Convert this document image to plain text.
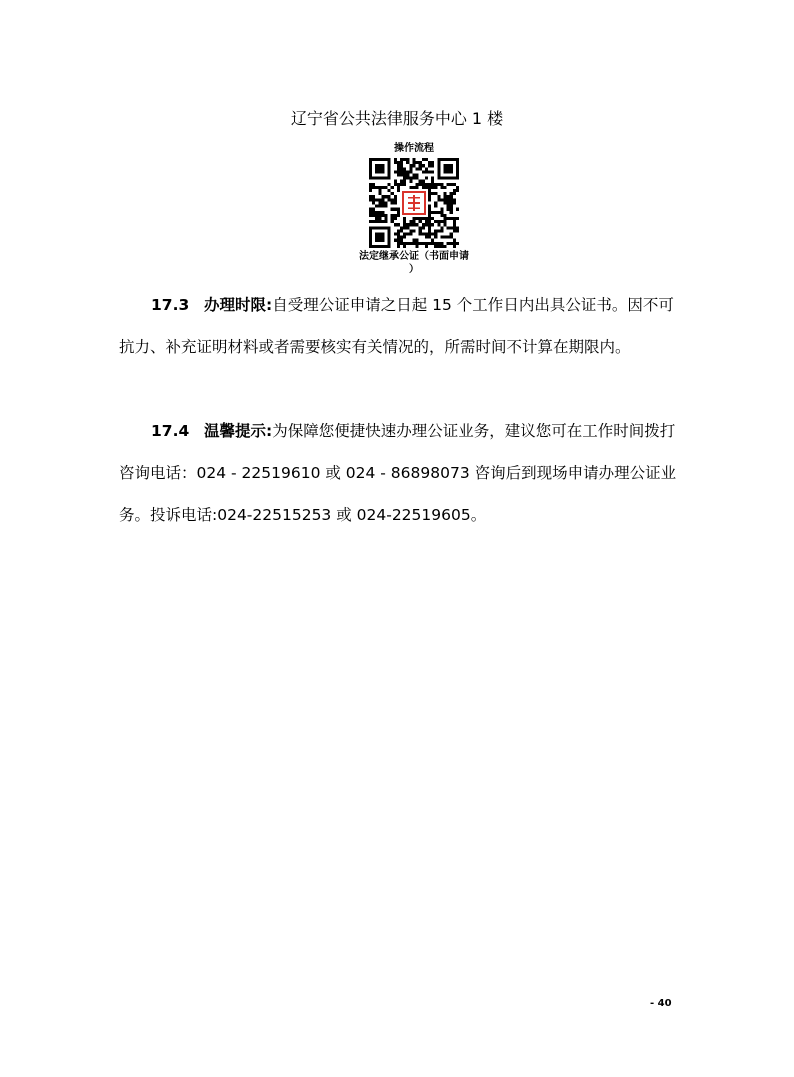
辽宁省公共法律服务中心 1 楼
操作流程
法定继承公证（书面申请
）

17.3 办理时限:自受理公证申请之日起 15 个工作日内出具公证书。因不可抗力、补充证明材料或者需要核实有关情况的，所需时间不计算在期限内。

17.4 温馨提示:为保障您便捷快速办理公证业务，建议您可在工作时间拨打咨询电话：024 - 22519610 或 024 - 86898073 咨询后到现场申请办理公证业务。投诉电话:024-22515253 或 024-22519605。

- 40
